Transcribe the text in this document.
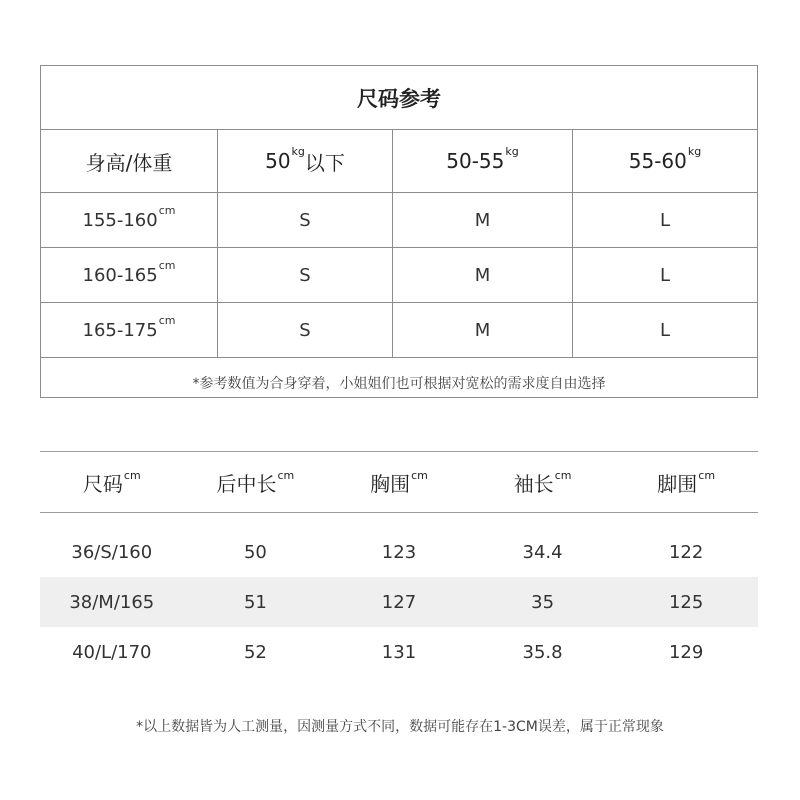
尺码参考
身高/体重	$50^{kg}$ 以下	$50-55^{kg}$	$55-60^{kg}$
$155-160^{cm}$	S	M	L
$160-165^{cm}$	S	M	L
$165-175^{cm}$	S	M	L
*参考数值为合身穿着，小姐姐们也可根据对宽松的需求度自由选择
尺码$^{cm}$	后中长$^{cm}$	胸围$^{cm}$	袖长$^{cm}$	脚围$^{cm}$
36/S/160	50	123	34.4	122
38/M/165	51	127	35	125
40/L/170	52	131	35.8	129
*以上数据皆为人工测量，因测量方式不同，数据可能存在1-3CM误差，属于正常现象
